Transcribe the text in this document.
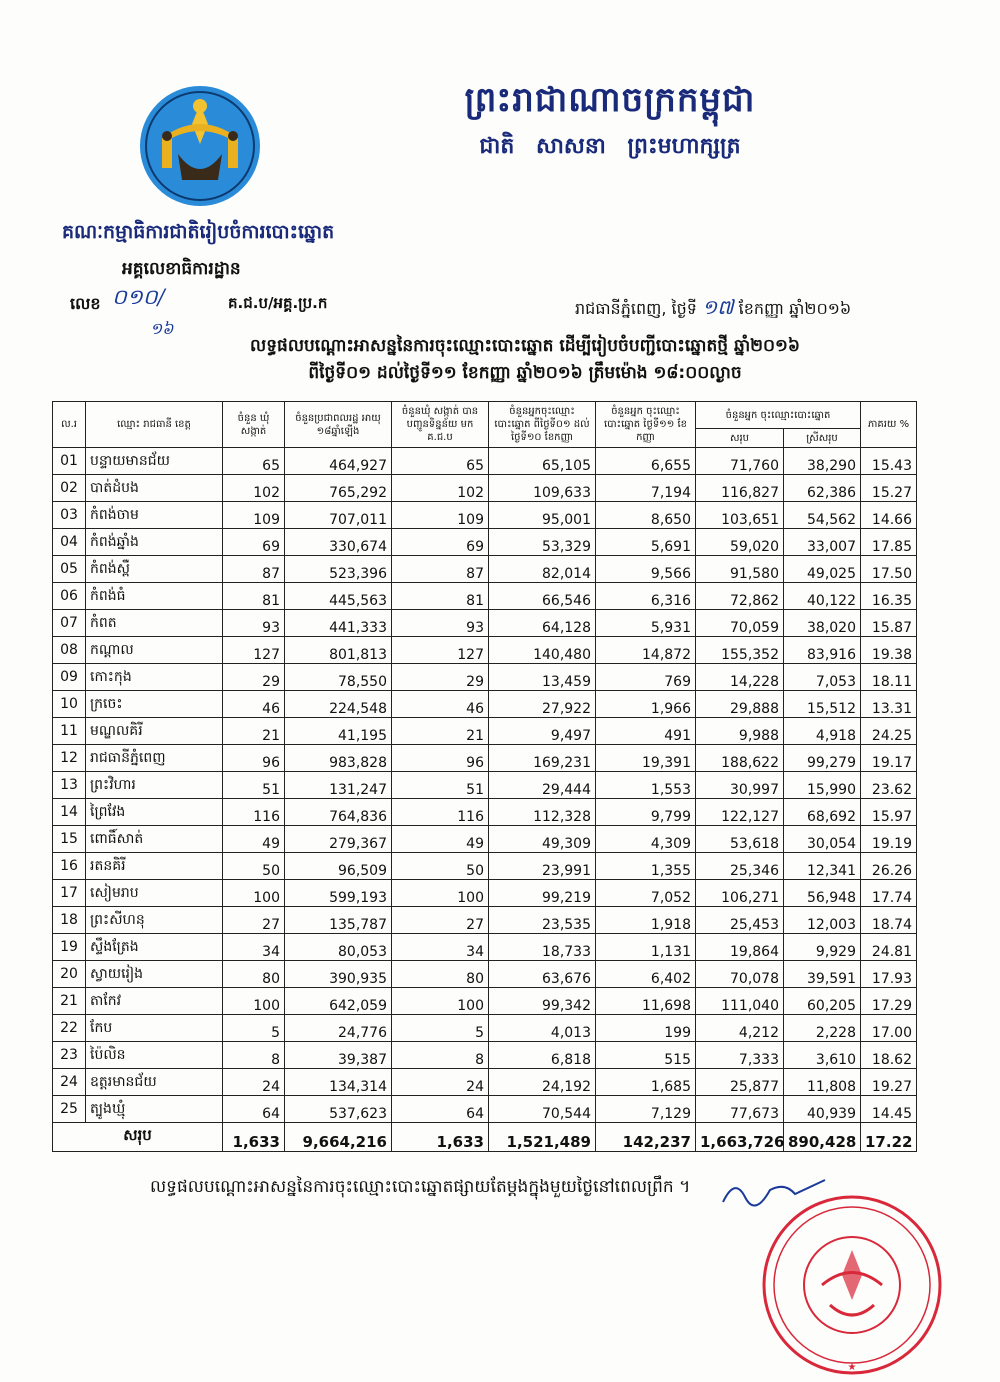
ព្រះរាជាណាចក្រកម្ពុជា
ជាតិ សាសនា ព្រះមហាក្សត្រ
គណៈកម្មាធិការជាតិរៀបចំការបោះឆ្នោត
អគ្គលេខាធិការដ្ឋាន
លេខ ០១០/
១៦
គ.ជ.ប/អគ្គ.ប្រ.ក	រាជធានីភ្នំពេញ, ថ្ងៃទី ១៧ ខែកញ្ញា ឆ្នាំ២០១៦
លទ្ធផលបណ្ដោះអាសន្ននៃការចុះឈ្មោះបោះឆ្នោត ដើម្បីរៀបចំបញ្ជីបោះឆ្នោតថ្មី ឆ្នាំ២០១៦
ពីថ្ងៃទី០១ ដល់ថ្ងៃទី១១ ខែកញ្ញា ឆ្នាំ២០១៦ ត្រឹមម៉ោង ១៨:០០ល្ងាច
ល.រ	ឈ្មោះ រាជធានី ខេត្ត	ចំនួន ឃុំ សង្កាត់	ចំនួនប្រជាពលរដ្ឋ អាយុ ១៨ឆ្នាំឡើង	ចំនួនឃុំ សង្កាត់ បានបញ្ជូនទិន្នន័យ មក គ.ជ.ប	ចំនួនអ្នកចុះឈ្មោះ បោះឆ្នោត ពីថ្ងៃទី០១ ដល់ថ្ងៃទី១០ ខែកញ្ញា	ចំនួនអ្នក ចុះឈ្មោះបោះឆ្នោត ថ្ងៃទី១១ ខែកញ្ញា	ចំនួនអ្នក ចុះឈ្មោះបោះឆ្នោត		ភាគរយ %
							សរុប	ស្រីសរុប	
01	បន្ទាយមានជ័យ	65	464,927	65	65,105	6,655	71,760	38,290	15.43
02	បាត់ដំបង	102	765,292	102	109,633	7,194	116,827	62,386	15.27
03	កំពង់ចាម	109	707,011	109	95,001	8,650	103,651	54,562	14.66
04	កំពង់ឆ្នាំង	69	330,674	69	53,329	5,691	59,020	33,007	17.85
05	កំពង់ស្ពឺ	87	523,396	87	82,014	9,566	91,580	49,025	17.50
06	កំពង់ធំ	81	445,563	81	66,546	6,316	72,862	40,122	16.35
07	កំពត	93	441,333	93	64,128	5,931	70,059	38,020	15.87
08	កណ្ដាល	127	801,813	127	140,480	14,872	155,352	83,916	19.38
09	កោះកុង	29	78,550	29	13,459	769	14,228	7,053	18.11
10	ក្រចេះ	46	224,548	46	27,922	1,966	29,888	15,512	13.31
11	មណ្ឌលគិរី	21	41,195	21	9,497	491	9,988	4,918	24.25
12	រាជធានីភ្នំពេញ	96	983,828	96	169,231	19,391	188,622	99,279	19.17
13	ព្រះវិហារ	51	131,247	51	29,444	1,553	30,997	15,990	23.62
14	ព្រៃវែង	116	764,836	116	112,328	9,799	122,127	68,692	15.97
15	ពោធិ៍សាត់	49	279,367	49	49,309	4,309	53,618	30,054	19.19
16	រតនគិរី	50	96,509	50	23,991	1,355	25,346	12,341	26.26
17	សៀមរាប	100	599,193	100	99,219	7,052	106,271	56,948	17.74
18	ព្រះសីហនុ	27	135,787	27	23,535	1,918	25,453	12,003	18.74
19	ស្ទឹងត្រែង	34	80,053	34	18,733	1,131	19,864	9,929	24.81
20	ស្វាយរៀង	80	390,935	80	63,676	6,402	70,078	39,591	17.93
21	តាកែវ	100	642,059	100	99,342	11,698	111,040	60,205	17.29
22	កែប	5	24,776	5	4,013	199	4,212	2,228	17.00
23	ប៉ៃលិន	8	39,387	8	6,818	515	7,333	3,610	18.62
24	ឧត្ដរមានជ័យ	24	134,314	24	24,192	1,685	25,877	11,808	19.27
25	ត្បូងឃ្មុំ	64	537,623	64	70,544	7,129	77,673	40,939	14.45
សរុប		1,633	9,664,216	1,633	1,521,489	142,237	1,663,726	890,428	17.22
លទ្ធផលបណ្ដោះអាសន្ននៃការចុះឈ្មោះបោះឆ្នោតផ្សាយតែម្ដងក្នុងមួយថ្ងៃនៅពេលព្រឹក ។
★
